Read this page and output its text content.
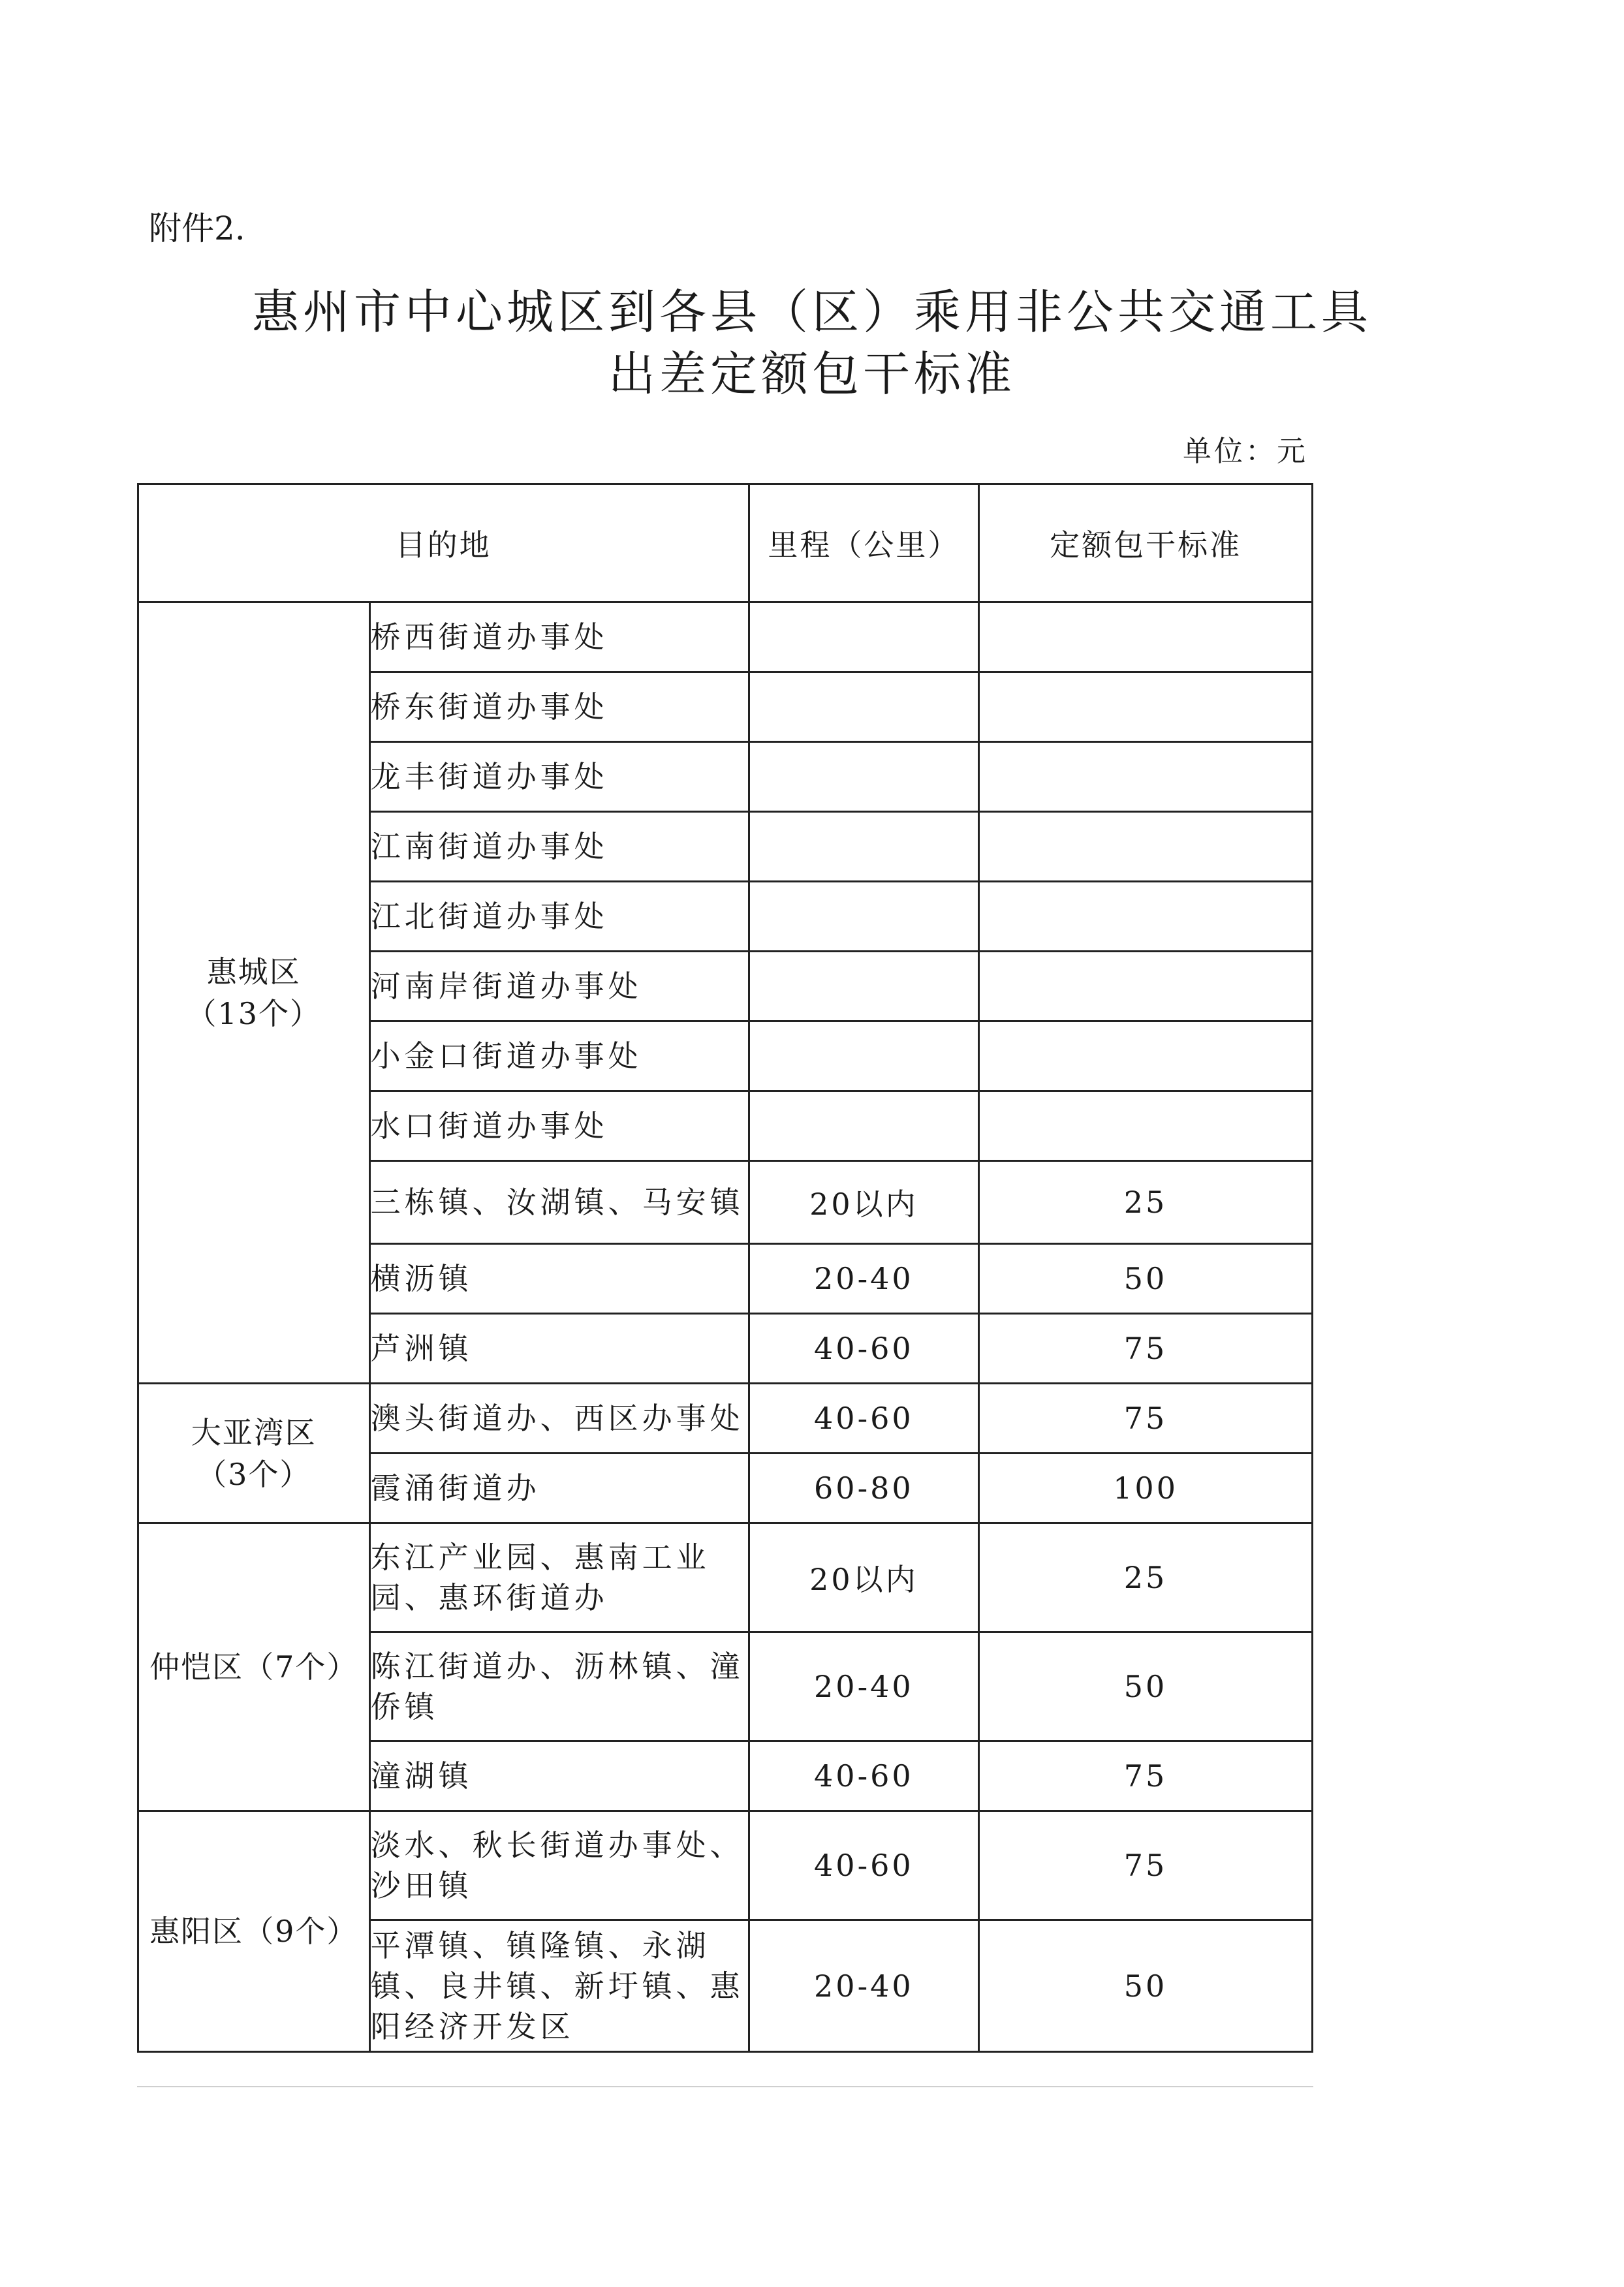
附件2.
惠州市中心城区到各县（区）乘用非公共交通工具
出差定额包干标准
单位：元
目的地		里程（公里）	定额包干标准

惠城区
（13个）	桥西街道办事处		
	桥东街道办事处		
	龙丰街道办事处		
	江南街道办事处		
	江北街道办事处		
	河南岸街道办事处		
	小金口街道办事处		
	水口街道办事处		
	三栋镇、汝湖镇、马安镇	20以内	25
	横沥镇	20-40	50
	芦洲镇	40-60	75

大亚湾区
（3个）	澳头街道办、西区办事处	40-60	75
	霞涌街道办	60-80	100

仲恺区（7个）	东江产业园、惠南工业园、惠环街道办	20以内	25
	陈江街道办、沥林镇、潼侨镇	20-40	50
	潼湖镇	40-60	75

惠阳区（9个）	淡水、秋长街道办事处、沙田镇	40-60	75
	平潭镇、镇隆镇、永湖镇、良井镇、新圩镇、惠阳经济开发区	20-40	50
